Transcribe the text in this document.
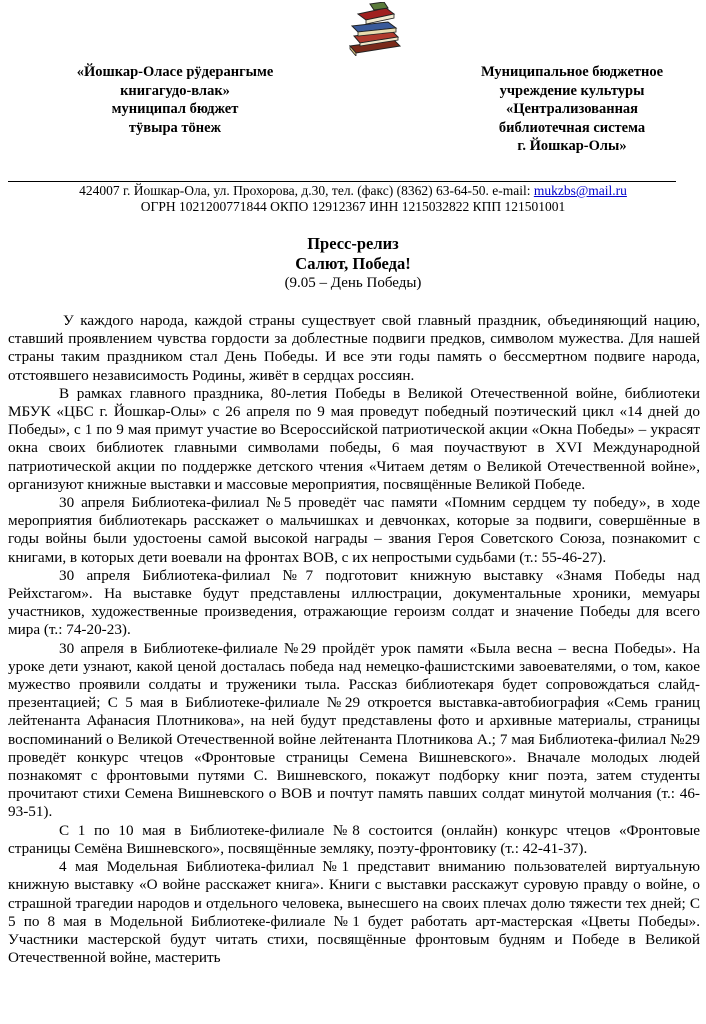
«Йошкар-Оласе рӱдерангыме
книгагудо-влак»
муниципал бюджет
тӱвыра тӧнеж
Муниципальное бюджетное
учреждение культуры
«Централизованная
библиотечная система
г. Йошкар-Олы»
424007 г. Йошкар-Ола, ул. Прохорова, д.30, тел. (факс) (8362) 63-64-50. e-mail: mukzbs@mail.ru
ОГРН 1021200771844 ОКПО 12912367 ИНН 1215032822 КПП 121501001
Пресс-релиз
Салют, Победа!
(9.05 – День Победы)

У каждого народа, каждой страны существует свой главный праздник, объединяющий нацию, ставший проявлением чувства гордости за доблестные подвиги предков, символом мужества. Для нашей страны таким праздником стал День Победы. И все эти годы память о бессмертном подвиге народа, отстоявшего независимость Родины, живёт в сердцах россиян.

В рамках главного праздника, 80-летия Победы в Великой Отечественной войне, библиотеки МБУК «ЦБС г. Йошкар-Олы» с 26 апреля по 9 мая проведут победный поэтический цикл «14 дней до Победы», с 1 по 9 мая примут участие во Всероссийской патриотической акции «Окна Победы» – украсят окна своих библиотек главными символами победы, 6 мая поучаствуют в XVI Международной патриотической акции по поддержке детского чтения «Читаем детям о Великой Отечественной войне», организуют книжные выставки и массовые мероприятия, посвящённые Великой Победе.

30 апреля Библиотека-филиал №5 проведёт час памяти «Помним сердцем ту победу», в ходе мероприятия библиотекарь расскажет о мальчишках и девчонках, которые за подвиги, совершённые в годы войны были удостоены самой высокой награды – звания Героя Советского Союза, познакомит с книгами, в которых дети воевали на фронтах ВОВ, с их непростыми судьбами (т.: 55-46-27).

30 апреля Библиотека-филиал №7 подготовит книжную выставку «Знамя Победы над Рейхстагом». На выставке будут представлены иллюстрации, документальные хроники, мемуары участников, художественные произведения, отражающие героизм солдат и значение Победы для всего мира (т.: 74-20-23).

30 апреля в Библиотеке-филиале №29 пройдёт урок памяти «Была весна – весна Победы». На уроке дети узнают, какой ценой досталась победа над немецко-фашистскими завоевателями, о том, какое мужество проявили солдаты и труженики тыла. Рассказ библиотекаря будет сопровождаться слайд-презентацией; С 5 мая в Библиотеке-филиале №29 откроется выставка-автобиография «Семь границ лейтенанта Афанасия Плотникова», на ней будут представлены фото и архивные материалы, страницы воспоминаний о Великой Отечественной войне лейтенанта Плотникова А.; 7 мая Библиотека-филиал №29 проведёт конкурс чтецов «Фронтовые страницы Семена Вишневского». Вначале молодых людей познакомят с фронтовыми путями С. Вишневского, покажут подборку книг поэта, затем студенты прочитают стихи Семена Вишневского о ВОВ и почтут память павших солдат минутой молчания (т.: 46-93-51).

С 1 по 10 мая в Библиотеке-филиале №8 состоится (онлайн) конкурс чтецов «Фронтовые страницы Семёна Вишневского», посвящённые земляку, поэту-фронтовику (т.: 42-41-37).

4 мая Модельная Библиотека-филиал №1 представит вниманию пользователей виртуальную книжную выставку «О войне расскажет книга». Книги с выставки расскажут суровую правду о войне, о страшной трагедии народов и отдельного человека, вынесшего на своих плечах долю тяжести тех дней; С 5 по 8 мая в Модельной Библиотеке-филиале №1 будет работать арт-мастерская «Цветы Победы». Участники мастерской будут читать стихи, посвящённые фронтовым будням и Победе в Великой Отечественной войне, мастерить
